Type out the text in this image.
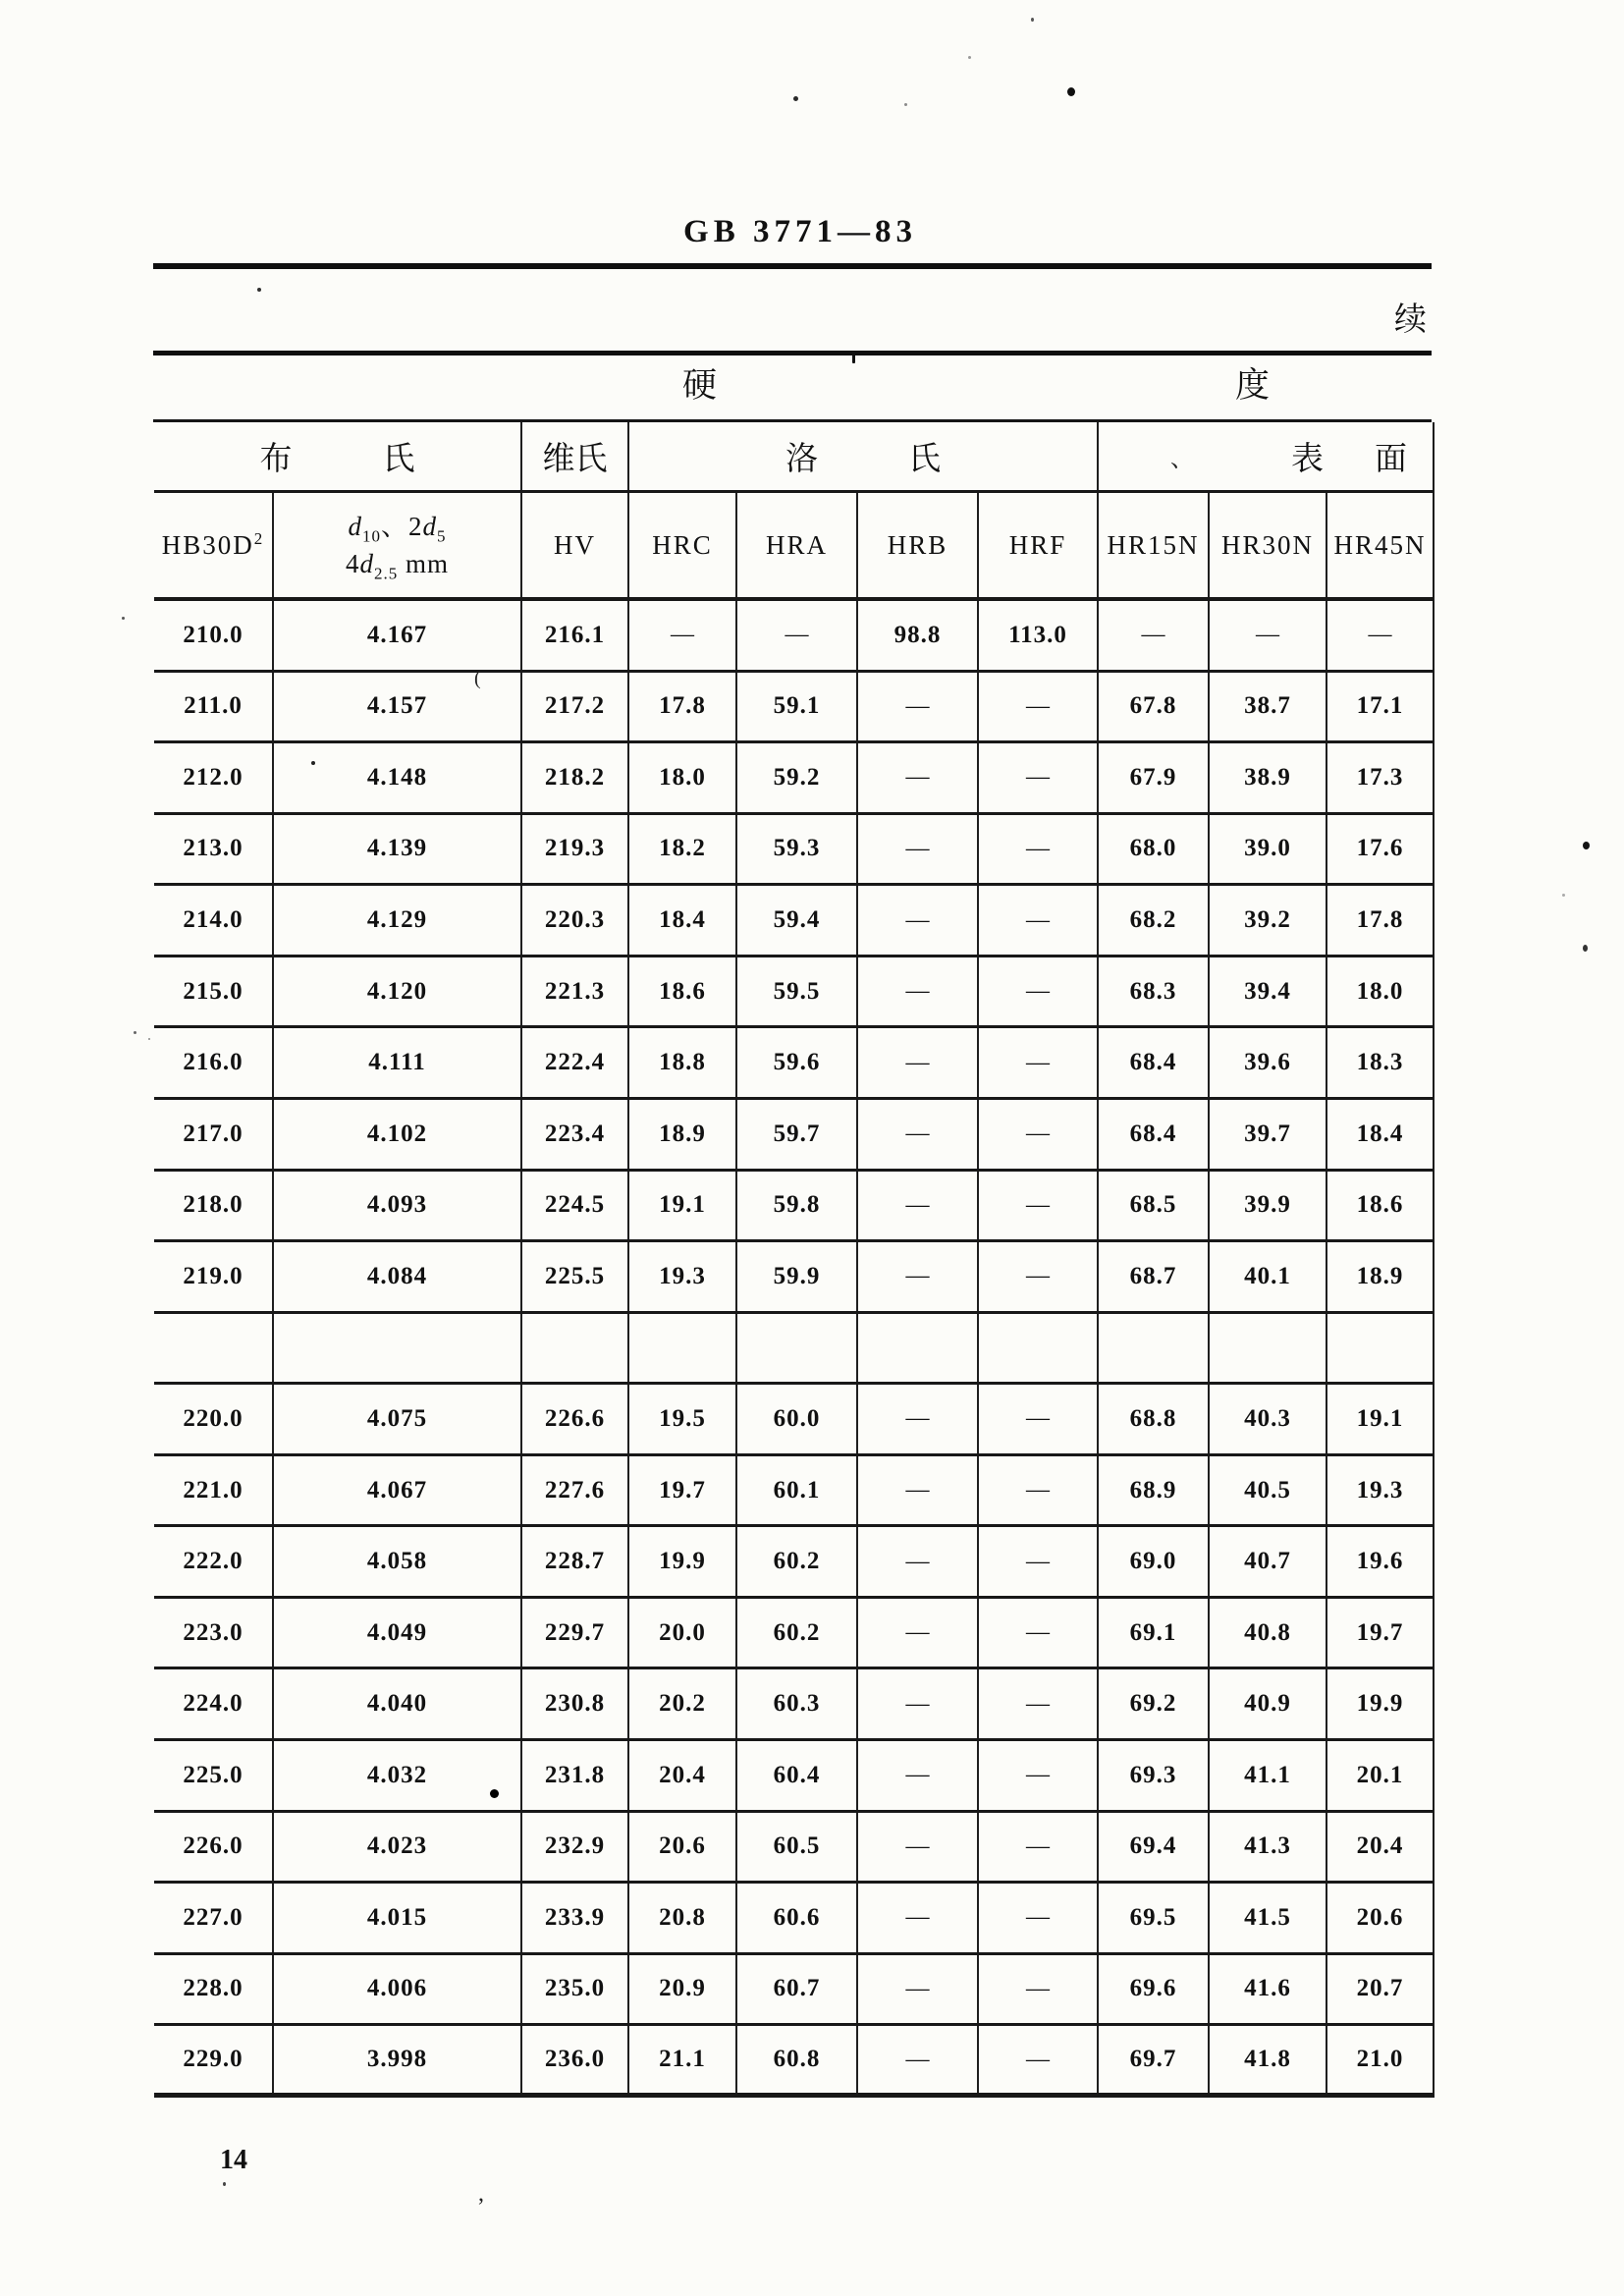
GB 3771—83
续
硬	度
布	氏	维氏	洛	氏	表 面
$HB30D^2$	$d_{10}$、$2d_5$
$4d_{2.5}$ mm
HV	HRC	HRA	HRB	HRF	HR15N HR30N HR45N
210.0	4.167	216.1	—	—	98.8	113.0	—	—	—
211.0	4.157	217.2	17.8	59.1	—	—	67.8	38.7	17.1
212.0	4.148	218.2	18.0	59.2	—	—	67.9	38.9	17.3
213.0	4.139	219.3	18.2	59.3	—	—	68.0	39.0	17.6
214.0	4.129	220.3	18.4	59.4	—	—	68.2	39.2	17.8
215.0	4.120	221.3	18.6	59.5	—	—	68.3	39.4	18.0
216.0	4.111	222.4	18.8	59.6	—	—	68.4	39.6	18.3
217.0	4.102	223.4	18.9	59.7	—	—	68.4	39.7	18.4
218.0	4.093	224.5	19.1	59.8	—	—	68.5	39.9	18.6
219.0	4.084	225.5	19.3	59.9	—	—	68.7	40.1	18.9
220.0	4.075	226.6	19.5	60.0	—	—	68.8	40.3	19.1
221.0	4.067	227.6	19.7	60.1	—	—	68.9	40.5	19.3
222.0	4.058	228.7	19.9	60.2	—	—	69.0	40.7	19.6
223.0	4.049	229.7	20.0	60.2	—	—	69.1	40.8	19.7
224.0	4.040	230.8	20.2	60.3	—	—	69.2	40.9	19.9
225.0	4.032	231.8	20.4	60.4	—	—	69.3	41.1	20.1
226.0	4.023	232.9	20.6	60.5	—	—	69.4	41.3	20.4
227.0	4.015	233.9	20.8	60.6	—	—	69.5	41.5	20.6
228.0	4.006	235.0	20.9	60.7	—	—	69.6	41.6	20.7
229.0	3.998	236.0	21.1	60.8	—	—	69.7	41.8	21.0
14
、
(
,
